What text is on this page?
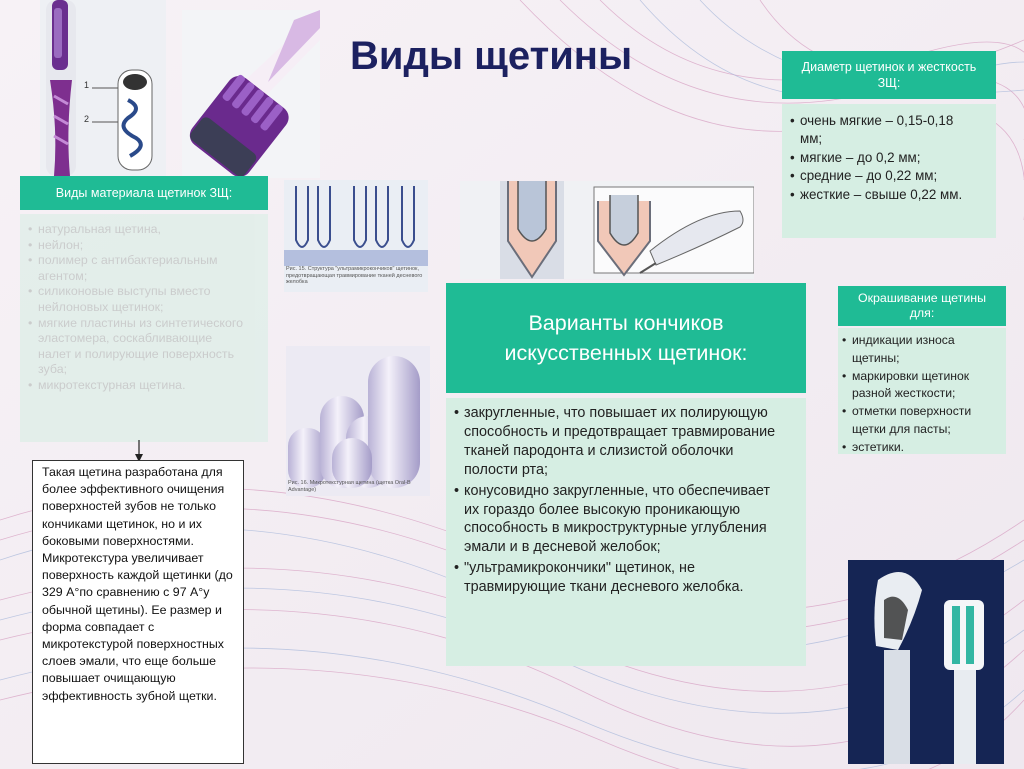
Виды щетины
1
2
Рис. 15. Структура "ультрамикрокончиков" щетинок, предотвращающая травмирование тканей десневого желобка
Рис. 16. Микротекстурная щетина (щетка Oral-B Advantage)
Диаметр щетинок и жесткость ЗЩ:
• очень мягкие – 0,15-0,18 мм;
• мягкие – до 0,2 мм;
• средние – до 0,22 мм;
• жесткие – свыше 0,22 мм.
Виды материала щетинок ЗЩ:
• натуральная щетина,
• нейлон;
• полимер с антибактериальным агентом;
• силиконовые выступы вместо нейлоновых щетинок;
• мягкие пластины из синтетического эластомера, соскабливающие налет и полирующие поверхность зуба;
• микротекстурная щетина.
Такая щетина разработана для более эффективного очищения поверхностей зубов не только кончиками щетинок, но и их боковыми поверхностями. Микротекстура увеличивает поверхность каждой щетинки (до 329 А°по сравнению с 97 А°у обычной щетины). Ее размер и форма совпадает с микротекстурой поверхностных слоев эмали, что еще больше повышает очищающую эффективность зубной щетки.
Варианты кончиков искусственных щетинок:
• закругленные, что повышает их полирующую способность и предотвращает травмирование тканей пародонта и слизистой оболочки полости рта;
• конусовидно закругленные, что обеспечивает их гораздо более высокую проникающую способность в микроструктурные углубления эмали и в десневой желобок;
• "ультрамикрокончики" щетинок, не травмирующие ткани десневого желобка.
Окрашивание щетины для:
• индикации износа щетины;
• маркировки щетинок разной жесткости;
• отметки поверхности щетки для пасты;
• эстетики.
